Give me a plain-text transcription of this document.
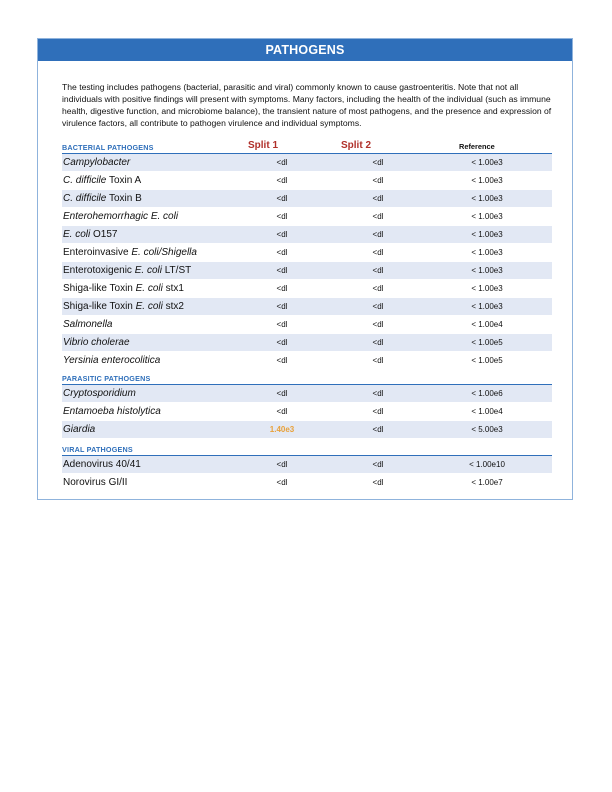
PATHOGENS
The testing includes pathogens (bacterial, parasitic and viral) commonly known to cause gastroenteritis. Note that not all individuals with positive findings will present with symptoms. Many factors, including the health of the individual (such as immune health, digestive function, and microbiome balance), the transient nature of most pathogens, and the presence and expression of virulence factors, all contribute to pathogen virulence and individual symptoms.
Split 1	Split 2	Reference
BACTERIAL PATHOGENS
Campylobacter	<dl	<dl	< 1.00e3
C. difficile Toxin A	<dl	<dl	< 1.00e3
C. difficile Toxin B	<dl	<dl	< 1.00e3
Enterohemorrhagic E. coli	<dl	<dl	< 1.00e3
E. coli O157	<dl	<dl	< 1.00e3
Enteroinvasive E. coli/Shigella	<dl	<dl	< 1.00e3
Enterotoxigenic E. coli LT/ST	<dl	<dl	< 1.00e3
Shiga-like Toxin E. coli stx1	<dl	<dl	< 1.00e3
Shiga-like Toxin E. coli stx2	<dl	<dl	< 1.00e3
Salmonella	<dl	<dl	< 1.00e4
Vibrio cholerae	<dl	<dl	< 1.00e5
Yersinia enterocolitica	<dl	<dl	< 1.00e5
PARASITIC PATHOGENS
Cryptosporidium	<dl	<dl	< 1.00e6
Entamoeba histolytica	<dl	<dl	< 1.00e4
Giardia	1.40e3	<dl	< 5.00e3
VIRAL PATHOGENS
Adenovirus 40/41	<dl	<dl	< 1.00e10
Norovirus GI/II	<dl	<dl	< 1.00e7
